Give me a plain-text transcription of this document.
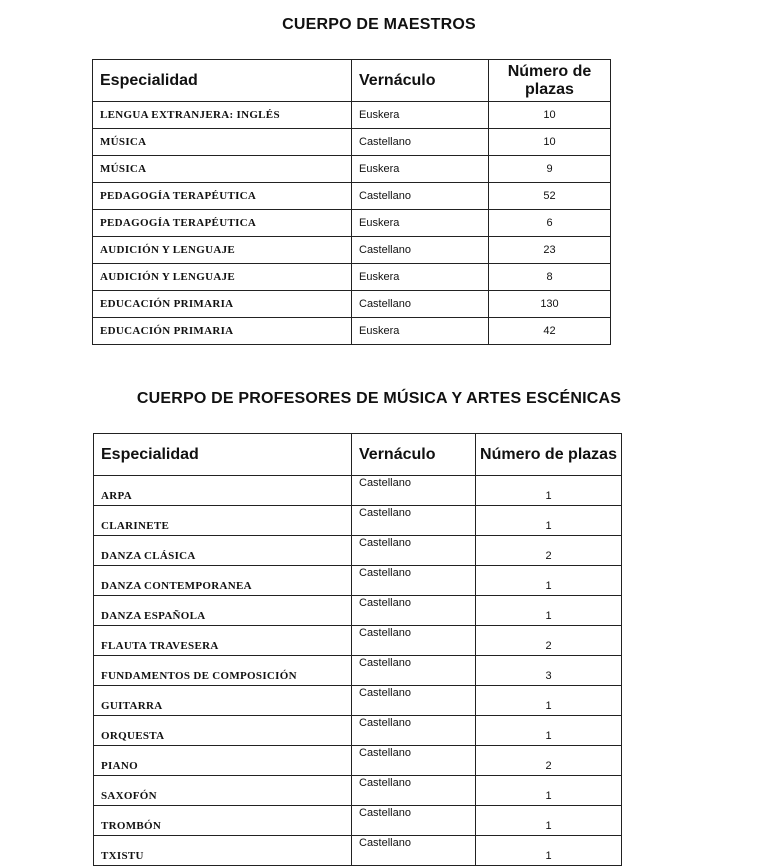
CUERPO DE MAESTROS
Especialidad	Vernáculo	Número de plazas
LENGUA EXTRANJERA: INGLÉS	Euskera	10
MÚSICA	Castellano	10
MÚSICA	Euskera	9
PEDAGOGÍA TERAPÉUTICA	Castellano	52
PEDAGOGÍA TERAPÉUTICA	Euskera	6
AUDICIÓN Y LENGUAJE	Castellano	23
AUDICIÓN Y LENGUAJE	Euskera	8
EDUCACIÓN PRIMARIA	Castellano	130
EDUCACIÓN PRIMARIA	Euskera	42
CUERPO DE PROFESORES DE MÚSICA Y ARTES ESCÉNICAS
Especialidad	Vernáculo	Número de plazas
ARPA	Castellano	1
CLARINETE	Castellano	1
DANZA CLÁSICA	Castellano	2
DANZA CONTEMPORANEA	Castellano	1
DANZA ESPAÑOLA	Castellano	1
FLAUTA TRAVESERA	Castellano	2
FUNDAMENTOS DE COMPOSICIÓN	Castellano	3
GUITARRA	Castellano	1
ORQUESTA	Castellano	1
PIANO	Castellano	2
SAXOFÓN	Castellano	1
TROMBÓN	Castellano	1
TXISTU	Castellano	1
